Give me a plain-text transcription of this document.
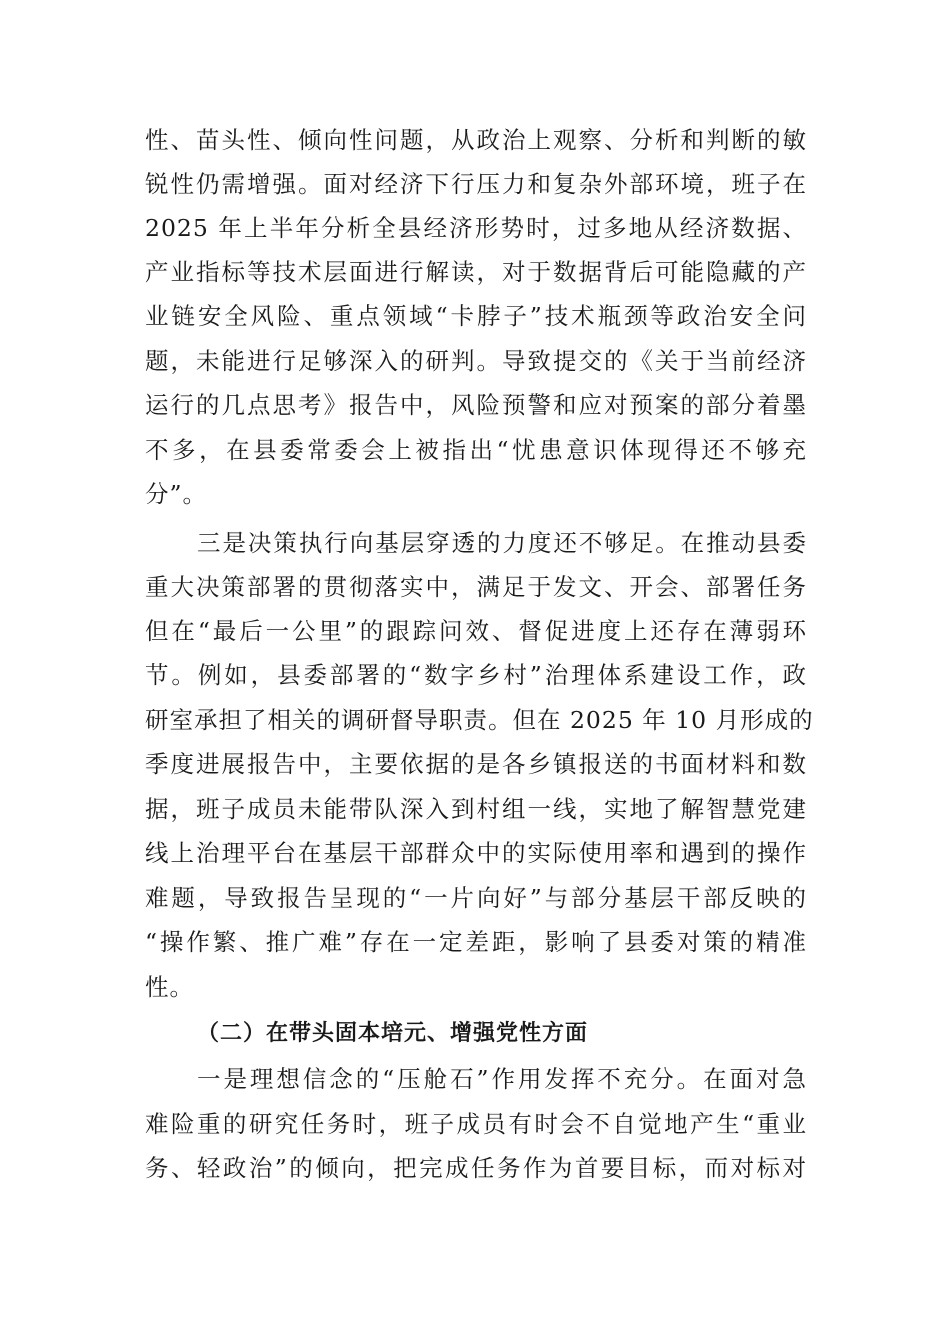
性、苗头性、倾向性问题，从政治上观察、分析和判断的敏
锐性仍需增强。面对经济下行压力和复杂外部环境，班子在
2025 年上半年分析全县经济形势时，过多地从经济数据、
产业指标等技术层面进行解读，对于数据背后可能隐藏的产
业链安全风险、重点领域“卡脖子”技术瓶颈等政治安全问
题，未能进行足够深入的研判。导致提交的《关于当前经济
运行的几点思考》报告中，风险预警和应对预案的部分着墨
不多，在县委常委会上被指出“忧患意识体现得还不够充
分”。
三是决策执行向基层穿透的力度还不够足。在推动县委
重大决策部署的贯彻落实中，满足于发文、开会、部署任务
但在“最后一公里”的跟踪问效、督促进度上还存在薄弱环
节。例如，县委部署的“数字乡村”治理体系建设工作，政
研室承担了相关的调研督导职责。但在 2025 年 10 月形成的
季度进展报告中，主要依据的是各乡镇报送的书面材料和数
据，班子成员未能带队深入到村组一线，实地了解智慧党建
线上治理平台在基层干部群众中的实际使用率和遇到的操作
难题，导致报告呈现的“一片向好”与部分基层干部反映的
“操作繁、推广难”存在一定差距，影响了县委对策的精准
性。
（二）在带头固本培元、增强党性方面
一是理想信念的“压舱石”作用发挥不充分。在面对急
难险重的研究任务时，班子成员有时会不自觉地产生“重业
务、轻政治”的倾向，把完成任务作为首要目标，而对标对
